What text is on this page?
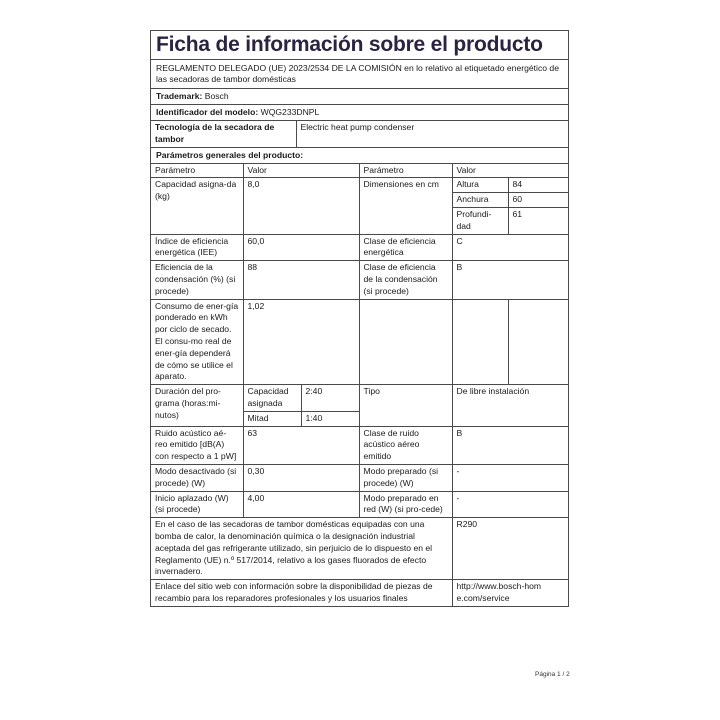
Ficha de información sobre el producto
REGLAMENTO DELEGADO (UE) 2023/2534 DE LA COMISIÓN en lo relativo al etiquetado energético de las secadoras de tambor domésticas
Trademark: Bosch
Identificador del modelo: WQG233DNPL
Tecnología de la secadora de tambor	Electric heat pump condenser
Parámetros generales del producto:
Parámetro	Valor		Parámetro	Valor	
Capacidad asigna-da (kg)	8,0		Dimensiones en cm	Altura	84
				Anchura	60
				Profundi-dad	61
Índice de eficiencia energética (IEE)	60,0		Clase de eficiencia energética	C	
Eficiencia de la condensación (%) (si procede)	88		Clase de eficiencia de la condensación (si procede)	B	
Consumo de ener-gía ponderado en kWh por ciclo de secado. El consu-mo real de ener-gía dependerá de cómo se utilice el aparato.	1,02				
Duración del pro-grama (horas:mi-nutos)	Capacidad asignada	2:40	Tipo	De libre instalación	
	Mitad	1:40			
Ruido acústico aé-reo emitido [dB(A) con respecto a 1 pW]	63		Clase de ruido acústico aéreo emitido	B	
Modo desactivado (si procede) (W)	0,30		Modo preparado (si procede) (W)	-	
Inicio aplazado (W) (si procede)	4,00		Modo preparado en red (W) (si pro-cede)	-	
En el caso de las secadoras de tambor domésticas equipadas con una bomba de calor, la denominación química o la designación industrial aceptada del gas refrigerante utilizado, sin perjuicio de lo dispuesto en el Reglamento (UE) n.º 517/2014, relativo a los gases fluorados de efecto invernadero.				R290	
Enlace del sitio web con información sobre la disponibilidad de piezas de recambio para los reparadores profesionales y los usuarios finales				http://www.bosch-hom e.com/service	
Página 1 / 2
